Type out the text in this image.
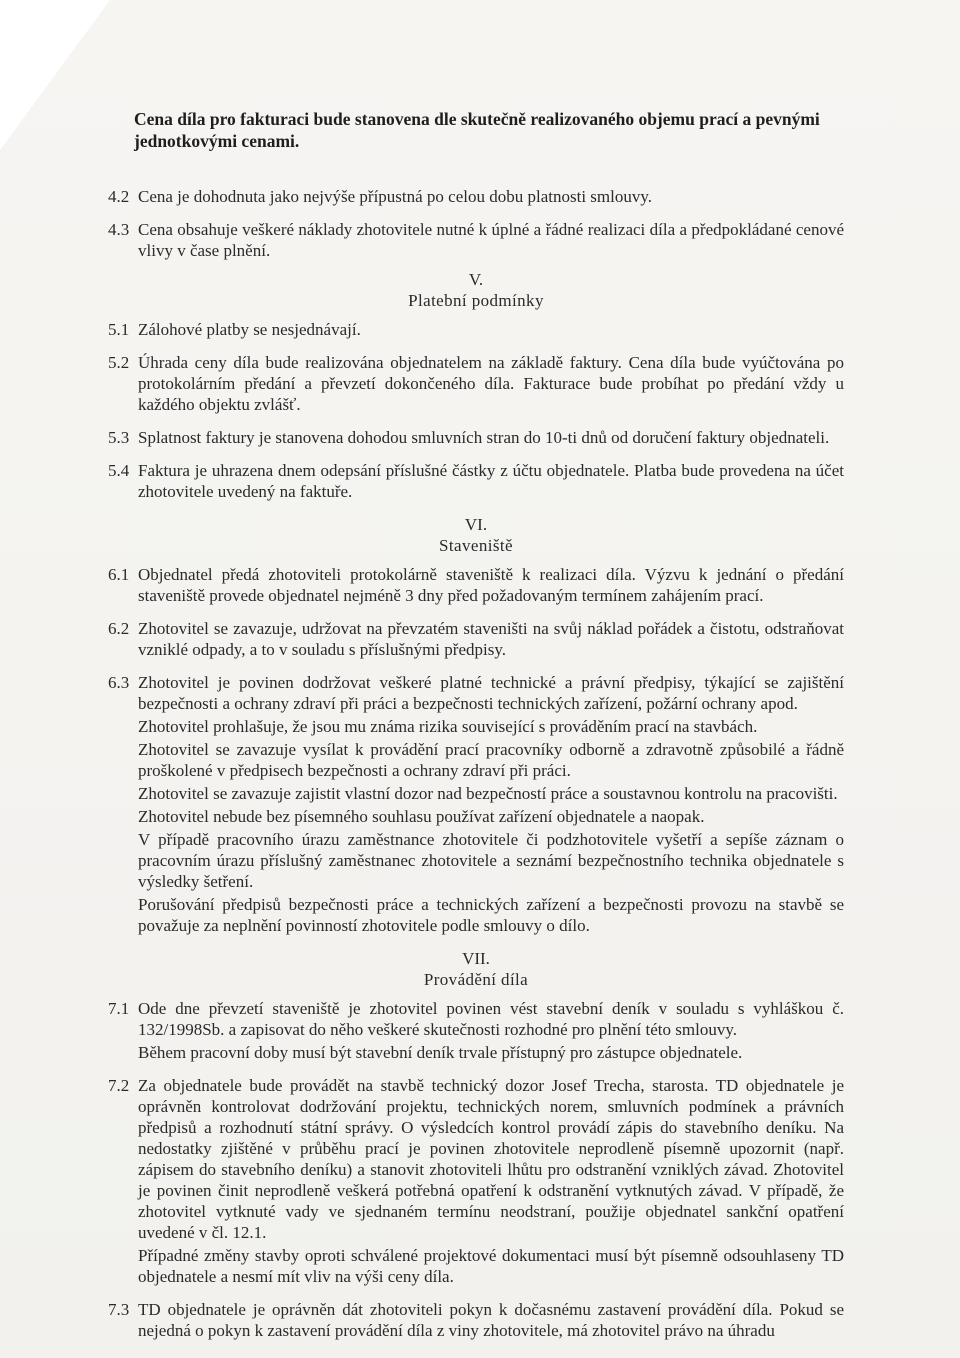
Cena díla pro fakturaci bude stanovena dle skutečně realizovaného objemu prací a pevnými jednotkovými cenami.

4.2 Cena je dohodnuta jako nejvýše přípustná po celou dobu platnosti smlouvy.

4.3 Cena obsahuje veškeré náklady zhotovitele nutné k úplné a řádné realizaci díla a předpokládané cenové vlivy v čase plnění.

V.
Platební podmínky
5.1 Zálohové platby se nesjednávají.

5.2 Úhrada ceny díla bude realizována objednatelem na základě faktury. Cena díla bude vyúčtována po protokolárním předání a převzetí dokončeného díla. Fakturace bude probíhat po předání vždy u každého objektu zvlášť.

5.3 Splatnost faktury je stanovena dohodou smluvních stran do 10-ti dnů od doručení faktury objednateli.

5.4 Faktura je uhrazena dnem odepsání příslušné částky z účtu objednatele. Platba bude provedena na účet zhotovitele uvedený na faktuře.

VI.
Staveniště
6.1 Objednatel předá zhotoviteli protokolárně staveniště k realizaci díla. Výzvu k jednání o předání staveniště provede objednatel nejméně 3 dny před požadovaným termínem zahájením prací.

6.2 Zhotovitel se zavazuje, udržovat na převzatém staveništi na svůj náklad pořádek a čistotu, odstraňovat vzniklé odpady, a to v souladu s příslušnými předpisy.

6.3 Zhotovitel je povinen dodržovat veškeré platné technické a právní předpisy, týkající se zajištění bezpečnosti a ochrany zdraví při práci a bezpečnosti technických zařízení, požární ochrany apod.

Zhotovitel prohlašuje, že jsou mu známa rizika související s prováděním prací na stavbách.

Zhotovitel se zavazuje vysílat k provádění prací pracovníky odborně a zdravotně způsobilé a řádně proškolené v předpisech bezpečnosti a ochrany zdraví při práci.

Zhotovitel se zavazuje zajistit vlastní dozor nad bezpečností práce a soustavnou kontrolu na pracovišti.

Zhotovitel nebude bez písemného souhlasu používat zařízení objednatele a naopak.

V případě pracovního úrazu zaměstnance zhotovitele či podzhotovitele vyšetří a sepíše záznam o pracovním úrazu příslušný zaměstnanec zhotovitele a seznámí bezpečnostního technika objednatele s výsledky šetření.

Porušování předpisů bezpečnosti práce a technických zařízení a bezpečnosti provozu na stavbě se považuje za neplnění povinností zhotovitele podle smlouvy o dílo.

VII.
Provádění díla
7.1 Ode dne převzetí staveniště je zhotovitel povinen vést stavební deník v souladu s vyhláškou č. 132/1998Sb. a zapisovat do něho veškeré skutečnosti rozhodné pro plnění této smlouvy.

Během pracovní doby musí být stavební deník trvale přístupný pro zástupce objednatele.

7.2 Za objednatele bude provádět na stavbě technický dozor Josef Trecha, starosta. TD objednatele je oprávněn kontrolovat dodržování projektu, technických norem, smluvních podmínek a právních předpisů a rozhodnutí státní správy. O výsledcích kontrol provádí zápis do stavebního deníku. Na nedostatky zjištěné v průběhu prací je povinen zhotovitele neprodleně písemně upozornit (např. zápisem do stavebního deníku) a stanovit zhotoviteli lhůtu pro odstranění vzniklých závad. Zhotovitel je povinen činit neprodleně veškerá potřebná opatření k odstranění vytknutých závad. V případě, že zhotovitel vytknuté vady ve sjednaném termínu neodstraní, použije objednatel sankční opatření uvedené v čl. 12.1.

Případné změny stavby oproti schválené projektové dokumentaci musí být písemně odsouhlaseny TD objednatele a nesmí mít vliv na výši ceny díla.

7.3 TD objednatele je oprávněn dát zhotoviteli pokyn k dočasnému zastavení provádění díla. Pokud se nejedná o pokyn k zastavení provádění díla z viny zhotovitele, má zhotovitel právo na úhradu
